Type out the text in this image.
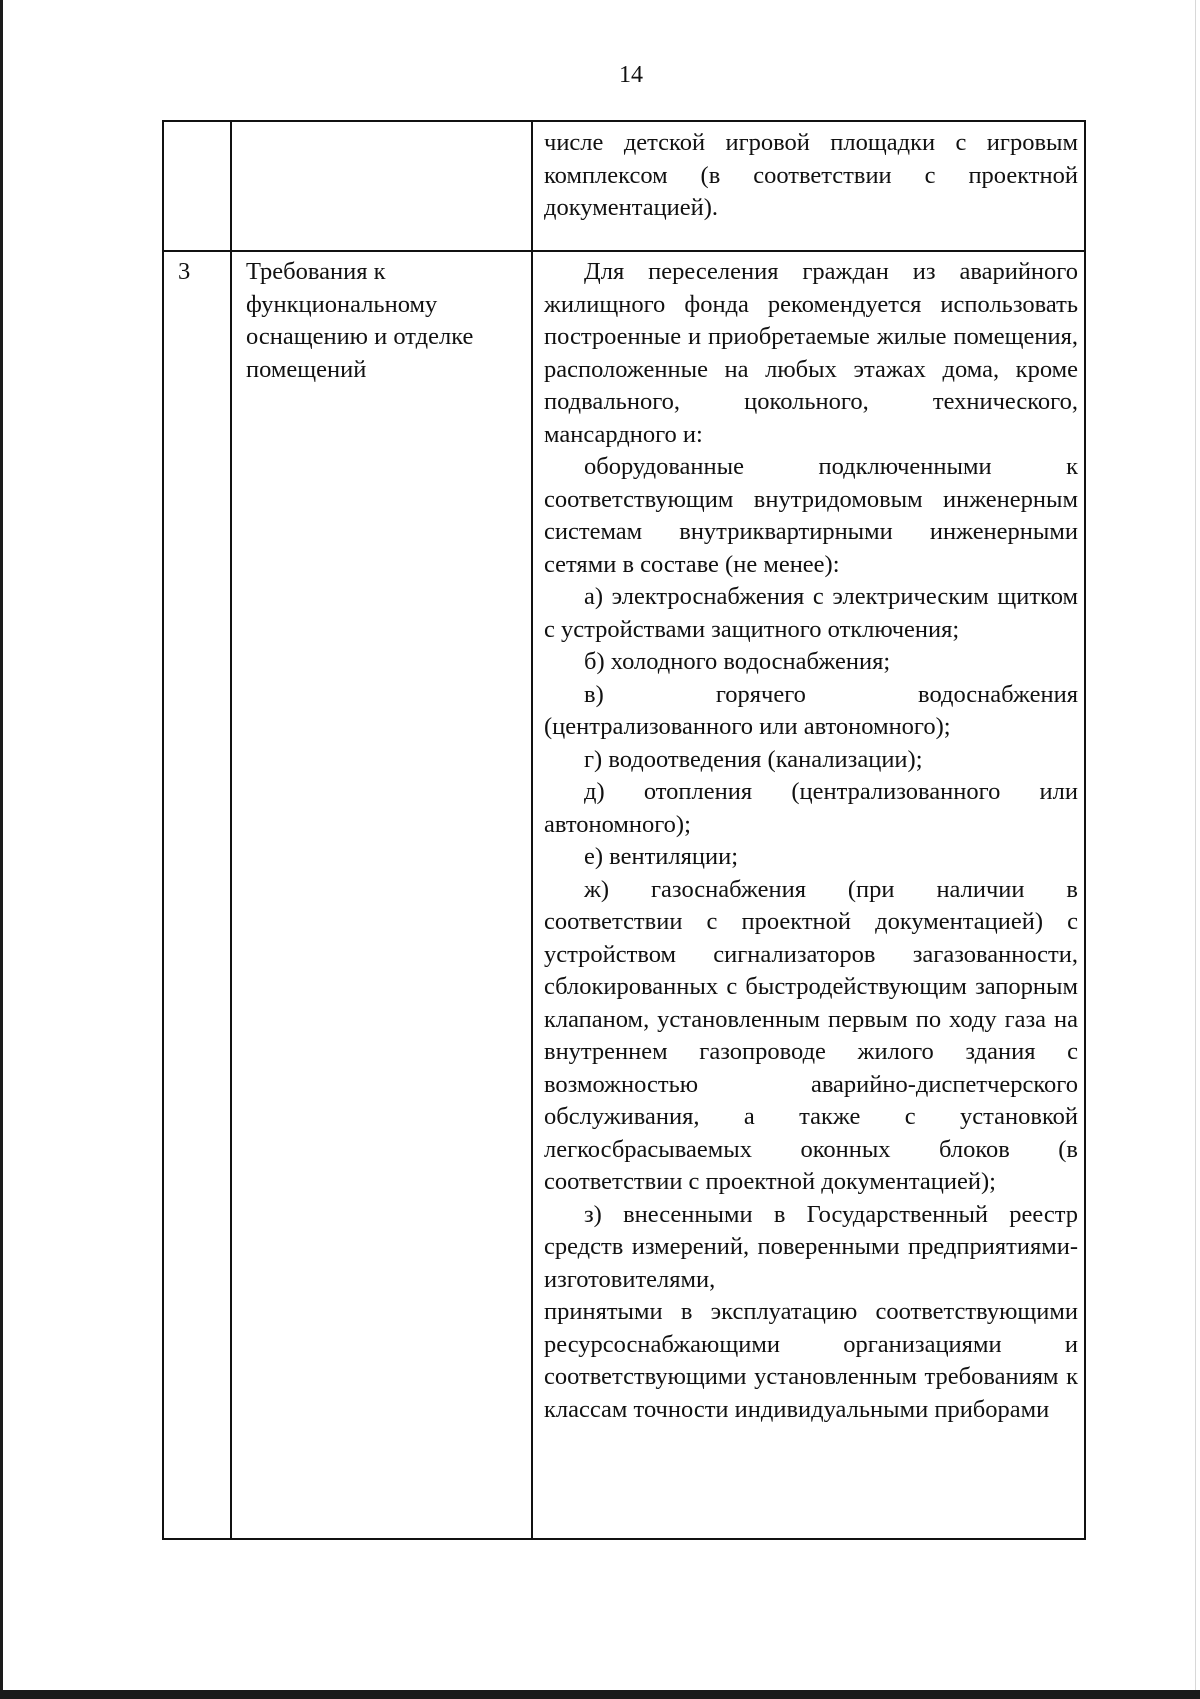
14

числе детской игровой площадки с игровым комплексом (в соответствии с проектной документацией).

3 Требования к
функциональному
оснащению и отделке
помещений

Для переселения граждан из аварийного жилищного фонда рекомендуется использовать построенные и приобретаемые жилые помещения, расположенные на любых этажах дома, кроме подвального, цокольного, технического, мансардного и:

оборудованные подключенными к соответствующим внутридомовым инженерным системам внутриквартирными инженерными сетями в составе (не менее):

а) электроснабжения с электрическим щитком с устройствами защитного отключения;

б) холодного водоснабжения;

в) горячего водоснабжения (централизованного или автономного);

г) водоотведения (канализации);

д) отопления (централизованного или автономного);

е) вентиляции;

ж) газоснабжения (при наличии в соответствии с проектной документацией) с устройством сигнализаторов загазованности, сблокированных с быстродействующим запорным клапаном, установленным первым по ходу газа на внутреннем газопроводе жилого здания с возможностью аварийно-диспетчерского обслуживания, а также с установкой легкосбрасываемых оконных блоков (в соответствии с проектной документацией);

з) внесенными в Государственный реестр средств измерений, поверенными предприятиями-изготовителями,

принятыми в эксплуатацию соответствующими ресурсоснабжающими организациями и соответствующими установленным требованиям к классам точности индивидуальными приборами
